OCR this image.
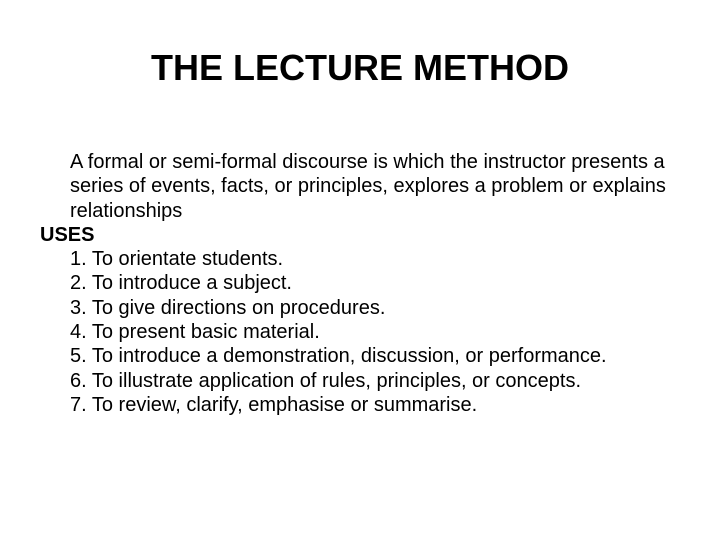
THE LECTURE METHOD

A formal or semi-formal discourse is which the instructor presents a series of events, facts, or principles, explores a problem or explains relationships

USES

1. To orientate students.
2. To introduce a subject.
3. To give directions on procedures.
4. To present basic material.
5. To introduce a demonstration, discussion, or performance.
6. To illustrate application of rules, principles, or concepts.
7. To review, clarify, emphasise or summarise.
